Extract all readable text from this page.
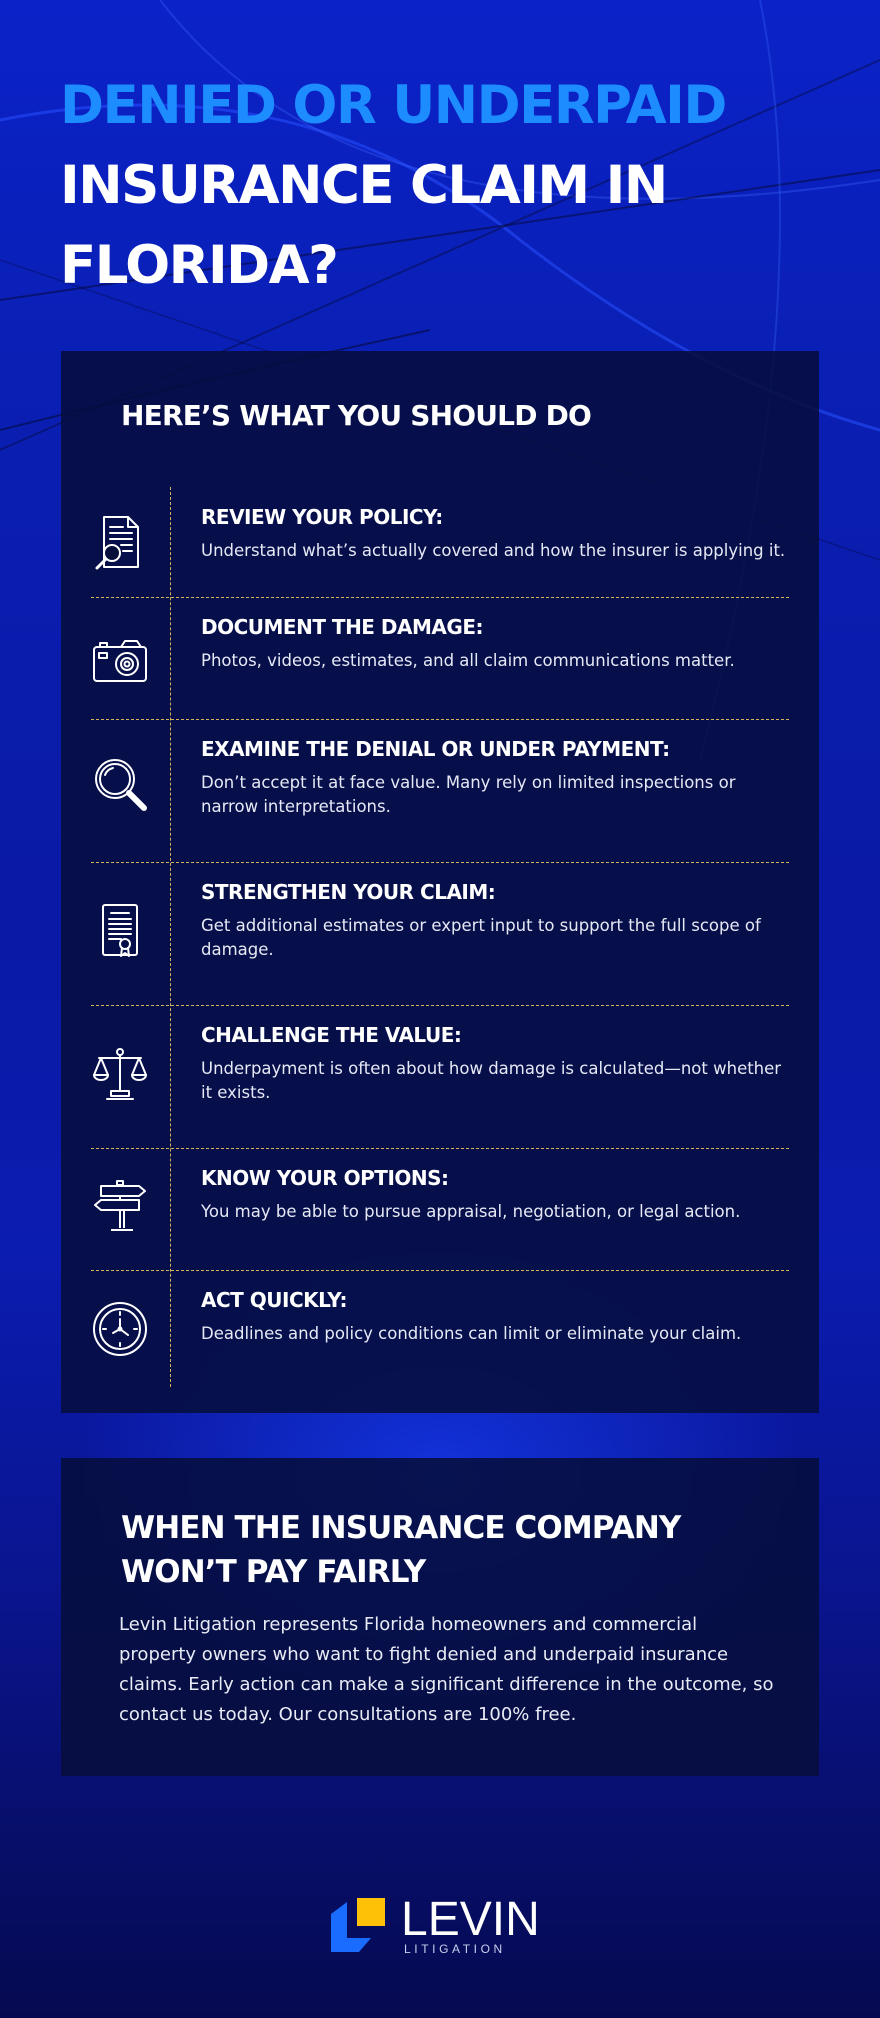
DENIED OR UNDERPAID
INSURANCE CLAIM IN
FLORIDA?
HERE’S WHAT YOU SHOULD DO
REVIEW YOUR POLICY:

Understand what’s actually covered and how the insurer is applying it.

DOCUMENT THE DAMAGE:

Photos, videos, estimates, and all claim communications matter.

EXAMINE THE DENIAL OR UNDER PAYMENT:

Don’t accept it at face value. Many rely on limited inspections or narrow interpretations.

STRENGTHEN YOUR CLAIM:

Get additional estimates or expert input to support the full scope of damage.

CHALLENGE THE VALUE:

Underpayment is often about how damage is calculated—not whether it exists.

KNOW YOUR OPTIONS:

You may be able to pursue appraisal, negotiation, or legal action.

ACT QUICKLY:

Deadlines and policy conditions can limit or eliminate your claim.

WHEN THE INSURANCE COMPANY WON’T PAY FAIRLY

Levin Litigation represents Florida homeowners and commercial property owners who want to fight denied and underpaid insurance claims. Early action can make a significant difference in the outcome, so contact us today. Our consultations are 100% free.

LEVIN
LITIGATION
